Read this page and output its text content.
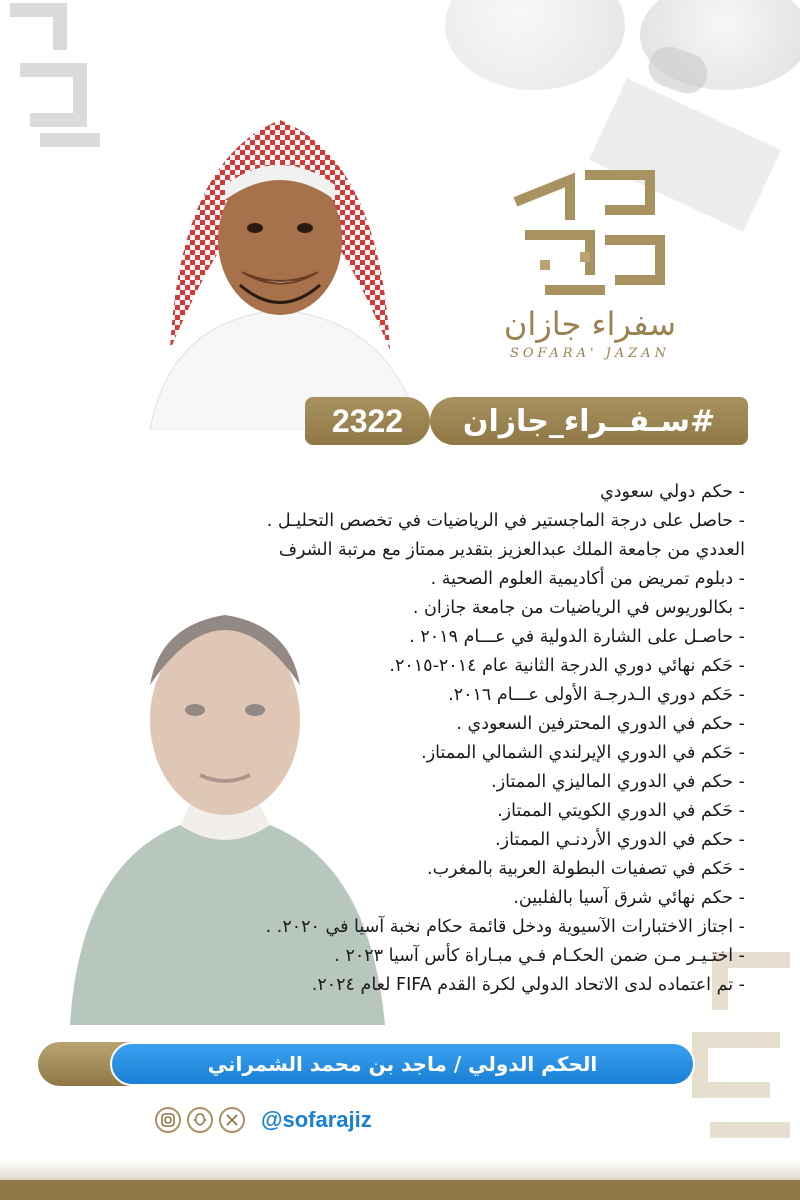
سفراء جازان
SOFARA' JAZAN
#سـفــراء_جازان
2322
- حكم دولي سعودي
- حاصل على درجة الماجستير في الرياضيات في تخصص التحليـل .
العددي من جامعة الملك عبدالعزيز بتقدير ممتاز مع مرتبة الشرف
- دبلوم تمريض من أكاديمية العلوم الصحية .
- بكالوريوس في الرياضيات من جامعة جازان .
- حاصـل على الشارة الدولية في عـــام ٢٠١٩ .
- حَكم نهائي دوري الدرجة الثانية عام ٢٠١٤-٢٠١٥.
- حَكم دوري الـدرجـة الأولى عـــام ٢٠١٦.
- حكم في الدوري المحترفين السعودي .
- حَكم في الدوري الإيرلندي الشمالي الممتاز.
- حكم في الدوري الماليزي الممتاز.
- حَكم في الدوري الكويتي الممتاز.
- حكم في الدوري الأردنـي الممتاز.
- حَكم في تصفيات البطولة العربية بالمغرب.
- حكم نهائي شرق آسيا بالفلبين.
- اجتاز الاختبارات الآسيوية ودخل قائمة حكام نخبة آسيا في ٢٠٢٠. .
- اختـيـر مـن ضمن الحكـام فـي مبـاراة كأس آسيا ٢٠٢٣ .
- تم اعتماده لدى الاتحاد الدولي لكرة القدم FIFA لعام ٢٠٢٤.
الحكم الدولي / ماجد بن محمد الشمراني
@sofarajiz
